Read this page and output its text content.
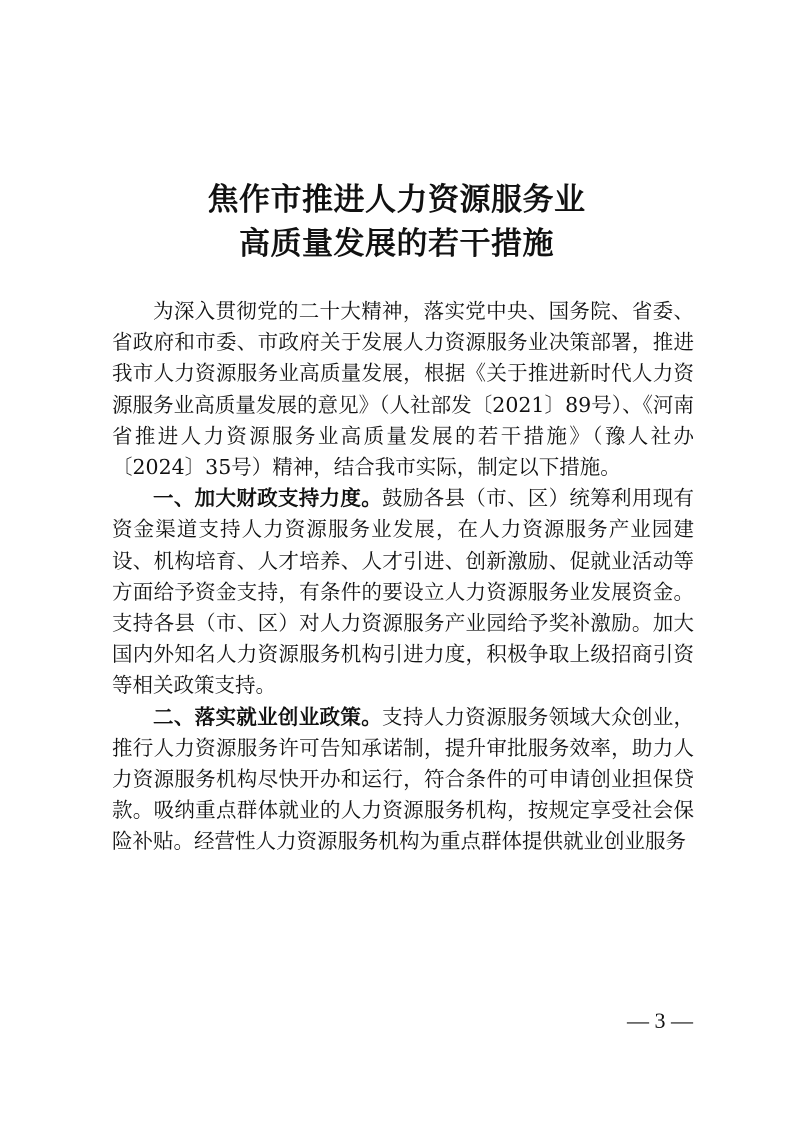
焦作市推进人力资源服务业
高质量发展的若干措施

为深入贯彻党的二十大精神，落实党中央、国务院、省委、省政府和市委、市政府关于发展人力资源服务业决策部署，推进我市人力资源服务业高质量发展，根据《关于推进新时代人力资源服务业高质量发展的意见》（人社部发〔2021〕89号）、《河南省推进人力资源服务业高质量发展的若干措施》（豫人社办〔2024〕35号）精神，结合我市实际，制定以下措施。

一、加大财政支持力度。鼓励各县（市、区）统筹利用现有资金渠道支持人力资源服务业发展，在人力资源服务产业园建设、机构培育、人才培养、人才引进、创新激励、促就业活动等方面给予资金支持，有条件的要设立人力资源服务业发展资金。支持各县（市、区）对人力资源服务产业园给予奖补激励。加大国内外知名人力资源服务机构引进力度，积极争取上级招商引资等相关政策支持。

二、落实就业创业政策。支持人力资源服务领域大众创业，推行人力资源服务许可告知承诺制，提升审批服务效率，助力人力资源服务机构尽快开办和运行，符合条件的可申请创业担保贷款。吸纳重点群体就业的人力资源服务机构，按规定享受社会保险补贴。经营性人力资源服务机构为重点群体提供就业创业服务

— 3 —
